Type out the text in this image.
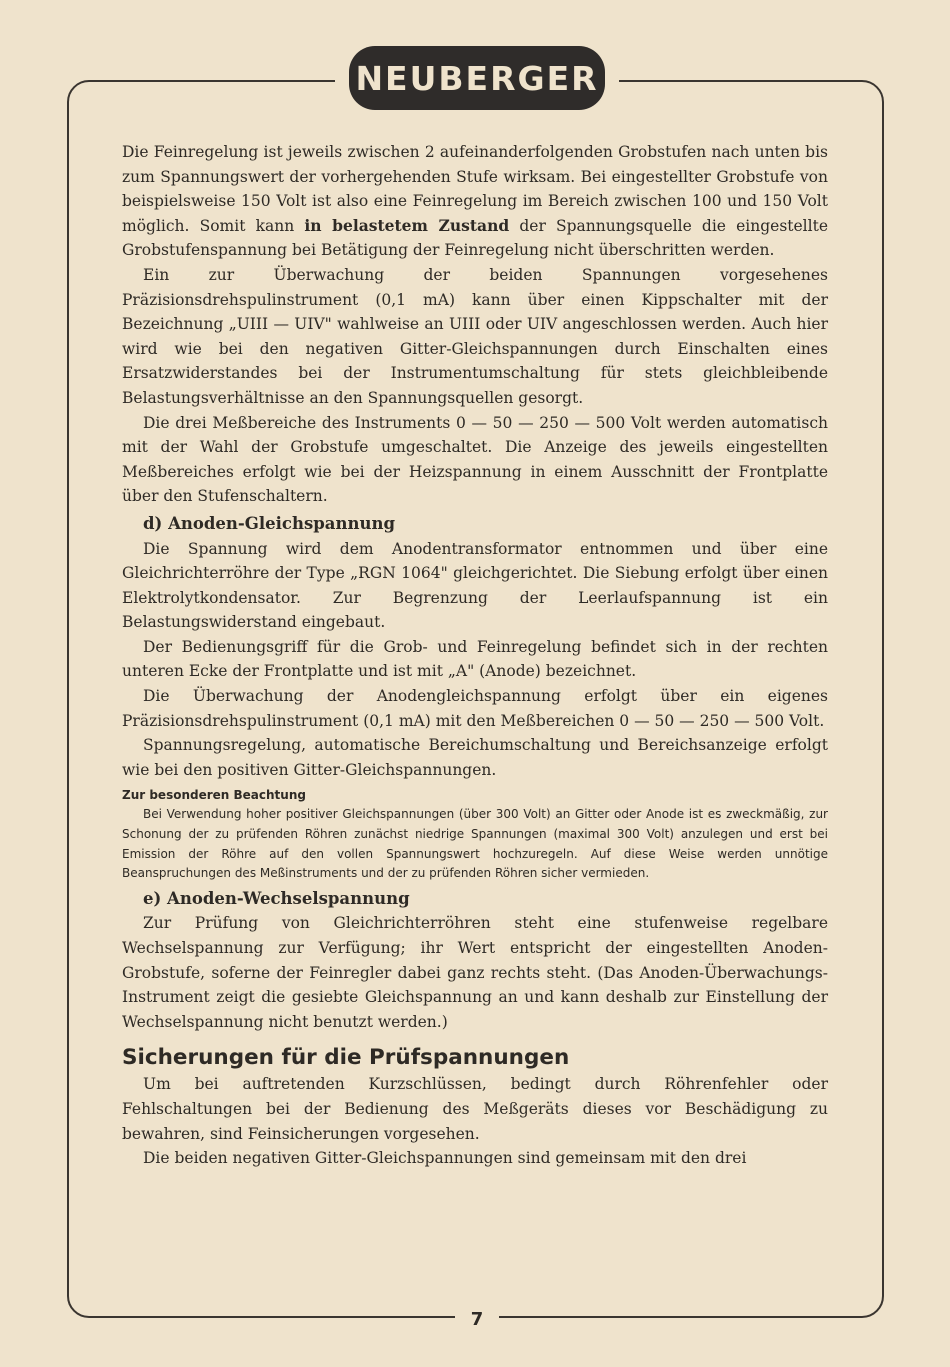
NEUBERGER

Die Feinregelung ist jeweils zwischen 2 aufeinanderfolgenden Grobstufen nach unten bis zum Spannungswert der vorhergehenden Stufe wirksam. Bei eingestellter Grobstufe von beispielsweise 150 Volt ist also eine Feinregelung im Bereich zwischen 100 und 150 Volt möglich. Somit kann in belastetem Zustand der Spannungsquelle die eingestellte Grobstufenspannung bei Betätigung der Feinregelung nicht überschritten werden.

Ein zur Überwachung der beiden Spannungen vorgesehenes Präzisionsdrehspulinstrument (0,1 mA) kann über einen Kippschalter mit der Bezeichnung „UIII — UIV" wahlweise an UIII oder UIV angeschlossen werden. Auch hier wird wie bei den negativen Gitter-Gleichspannungen durch Einschalten eines Ersatzwiderstandes bei der Instrumentumschaltung für stets gleichbleibende Belastungsverhältnisse an den Spannungsquellen gesorgt.

Die drei Meßbereiche des Instruments 0 — 50 — 250 — 500 Volt werden automatisch mit der Wahl der Grobstufe umgeschaltet. Die Anzeige des jeweils eingestellten Meßbereiches erfolgt wie bei der Heizspannung in einem Ausschnitt der Frontplatte über den Stufenschaltern.

d) Anoden-Gleichspannung

Die Spannung wird dem Anodentransformator entnommen und über eine Gleichrichterröhre der Type „RGN 1064" gleichgerichtet. Die Siebung erfolgt über einen Elektrolytkondensator. Zur Begrenzung der Leerlaufspannung ist ein Belastungswiderstand eingebaut.

Der Bedienungsgriff für die Grob- und Feinregelung befindet sich in der rechten unteren Ecke der Frontplatte und ist mit „A" (Anode) bezeichnet.

Die Überwachung der Anodengleichspannung erfolgt über ein eigenes Präzisionsdrehspulinstrument (0,1 mA) mit den Meßbereichen 0 — 50 — 250 — 500 Volt.

Spannungsregelung, automatische Bereichumschaltung und Bereichsanzeige erfolgt wie bei den positiven Gitter-Gleichspannungen.

Zur besonderen Beachtung

Bei Verwendung hoher positiver Gleichspannungen (über 300 Volt) an Gitter oder Anode ist es zweckmäßig, zur Schonung der zu prüfenden Röhren zunächst niedrige Spannungen (maximal 300 Volt) anzulegen und erst bei Emission der Röhre auf den vollen Spannungswert hochzuregeln. Auf diese Weise werden unnötige Beanspruchungen des Meßinstruments und der zu prüfenden Röhren sicher vermieden.

e) Anoden-Wechselspannung

Zur Prüfung von Gleichrichterröhren steht eine stufenweise regelbare Wechselspannung zur Verfügung; ihr Wert entspricht der eingestellten Anoden-Grobstufe, soferne der Feinregler dabei ganz rechts steht. (Das Anoden-Überwachungs-Instrument zeigt die gesiebte Gleichspannung an und kann deshalb zur Einstellung der Wechselspannung nicht benutzt werden.)

Sicherungen für die Prüfspannungen

Um bei auftretenden Kurzschlüssen, bedingt durch Röhrenfehler oder Fehlschaltungen bei der Bedienung des Meßgeräts dieses vor Beschädigung zu bewahren, sind Feinsicherungen vorgesehen.

Die beiden negativen Gitter-Gleichspannungen sind gemeinsam mit den drei

7
